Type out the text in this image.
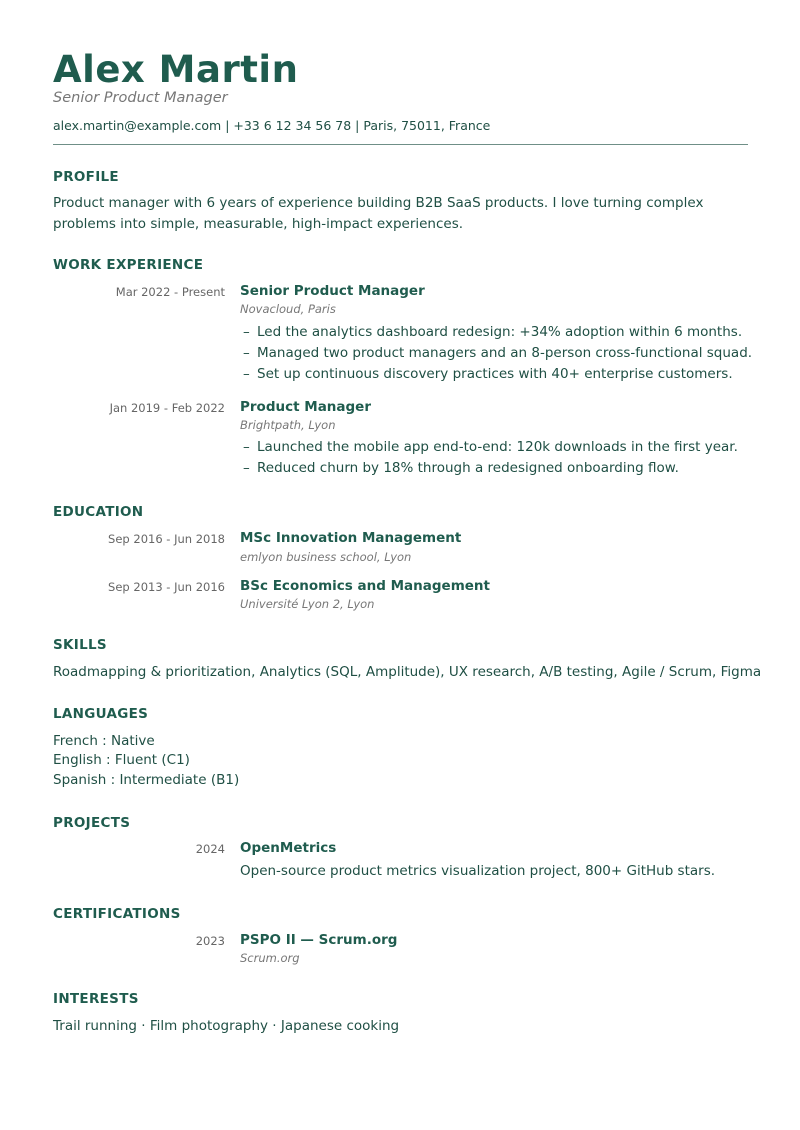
Alex Martin
Senior Product Manager
alex.martin@example.com | +33 6 12 34 56 78 | Paris, 75011, France
PROFILE
Product manager with 6 years of experience building B2B SaaS products. I love turning complex problems into simple, measurable, high-impact experiences.
WORK EXPERIENCE
Mar 2022 - Present Senior Product Manager
Novacloud, Paris
– Led the analytics dashboard redesign: +34% adoption within 6 months.
– Managed two product managers and an 8-person cross-functional squad.
– Set up continuous discovery practices with 40+ enterprise customers.
Jan 2019 - Feb 2022 Product Manager
Brightpath, Lyon
– Launched the mobile app end-to-end: 120k downloads in the first year.
– Reduced churn by 18% through a redesigned onboarding flow.
EDUCATION
Sep 2016 - Jun 2018 MSc Innovation Management
emlyon business school, Lyon
Sep 2013 - Jun 2016 BSc Economics and Management
Université Lyon 2, Lyon
SKILLS
Roadmapping & prioritization, Analytics (SQL, Amplitude), UX research, A/B testing, Agile / Scrum, Figma
LANGUAGES
French : Native
English : Fluent (C1)
Spanish : Intermediate (B1)
PROJECTS
2024 OpenMetrics
Open-source product metrics visualization project, 800+ GitHub stars.
CERTIFICATIONS
2023 PSPO II — Scrum.org
Scrum.org
INTERESTS
Trail running · Film photography · Japanese cooking
